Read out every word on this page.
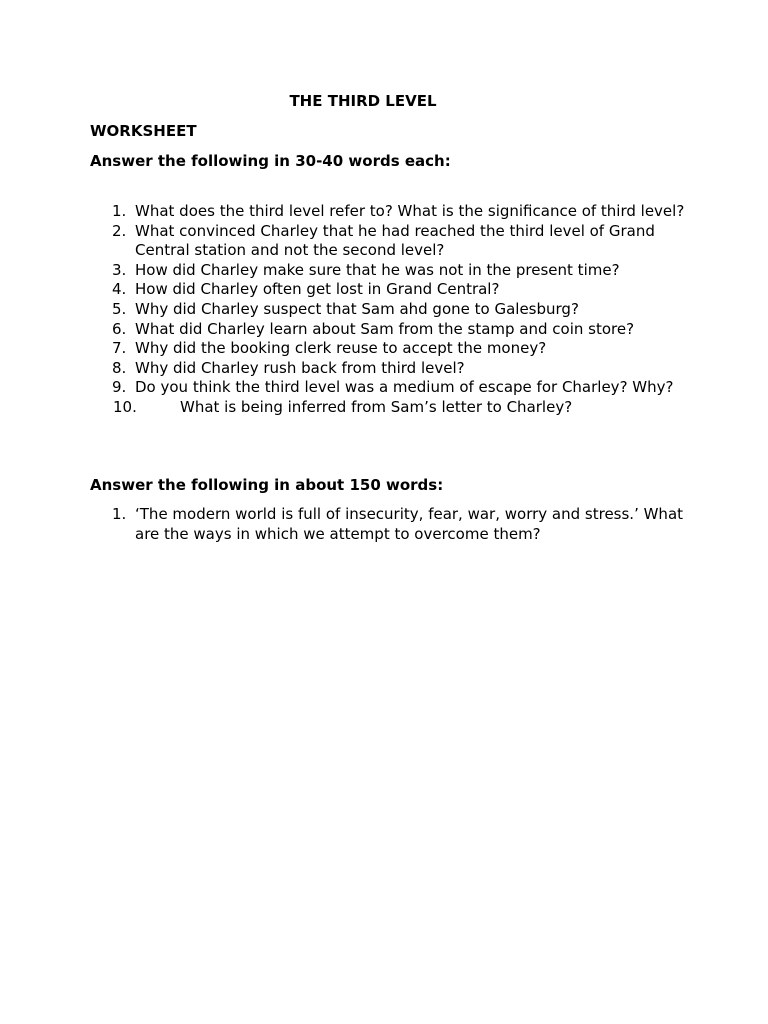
THE THIRD LEVEL
WORKSHEET
Answer the following in 30-40 words each:
1. What does the third level refer to? What is the significance of third level?
2. What convinced Charley that he had reached the third level of Grand Central station and not the second level?
3. How did Charley make sure that he was not in the present time?
4. How did Charley often get lost in Grand Central?
5. Why did Charley suspect that Sam ahd gone to Galesburg?
6. What did Charley learn about Sam from the stamp and coin store?
7. Why did the booking clerk reuse to accept the money?
8. Why did Charley rush back from third level?
9. Do you think the third level was a medium of escape for Charley? Why?
10.	What is being inferred from Sam’s letter to Charley?
Answer the following in about 150 words:
1. ‘The modern world is full of insecurity, fear, war, worry and stress.’ What are the ways in which we attempt to overcome them?
